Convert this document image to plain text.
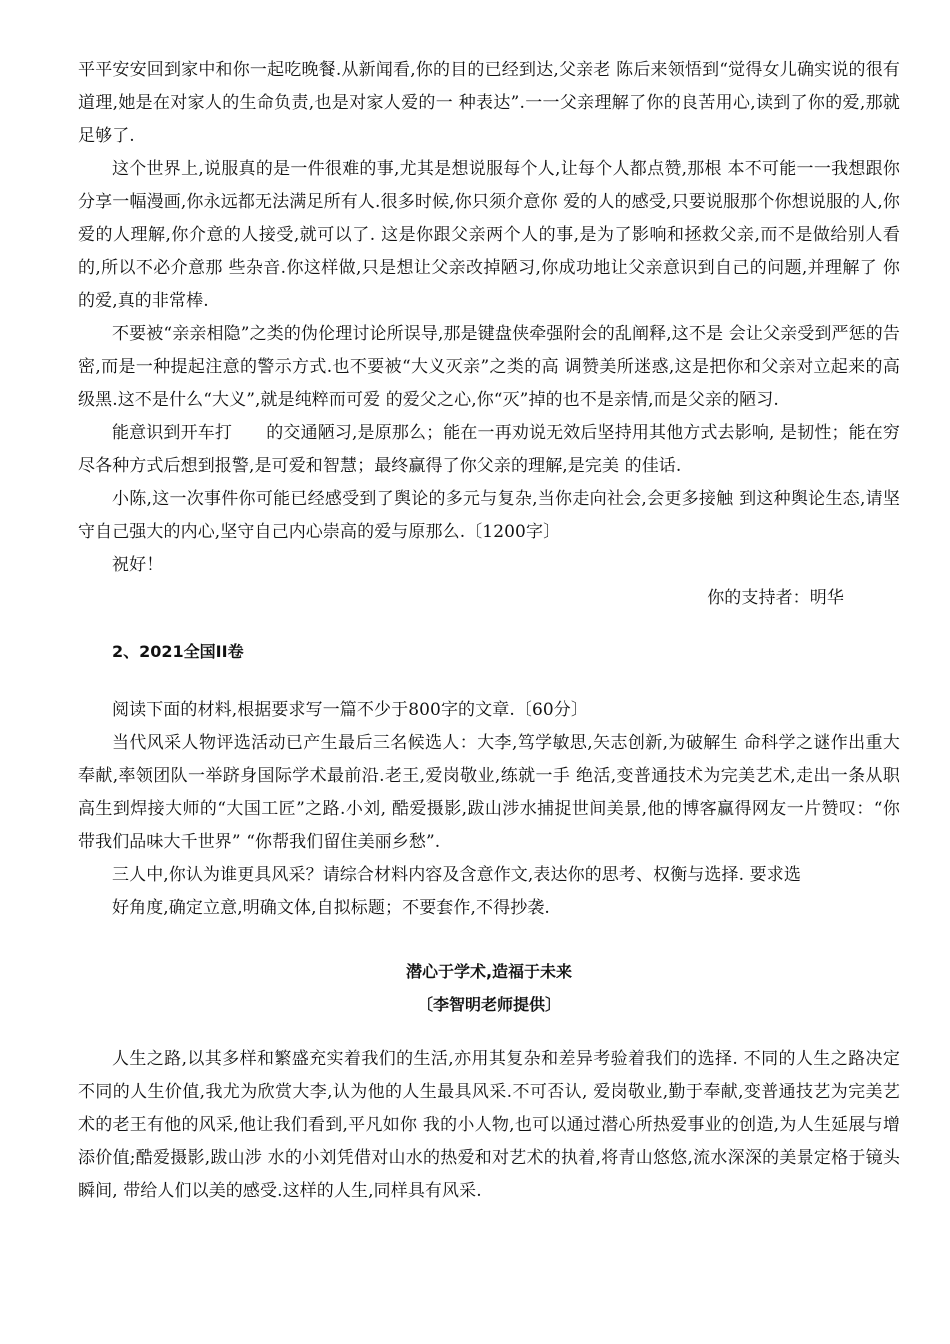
平平安安回到家中和你一起吃晚餐.从新闻看,你的目的已经到达,父亲老 陈后来领悟到“觉得女儿确实说的很有道理,她是在对家人的生命负责,也是对家人爱的一 种表达”.一一父亲理解了你的良苦用心,读到了你的爱,那就足够了.

这个世界上,说服真的是一件很难的事,尤其是想说服每个人,让每个人都点赞,那根 本不可能一一我想跟你分享一幅漫画,你永远都无法满足所有人.很多时候,你只须介意你 爱的人的感受,只要说服那个你想说服的人,你爱的人理解,你介意的人接受,就可以了. 这是你跟父亲两个人的事,是为了影响和拯救父亲,而不是做给别人看的,所以不必介意那 些杂音.你这样做,只是想让父亲改掉陋习,你成功地让父亲意识到自己的问题,并理解了 你的爱,真的非常棒.

不要被“亲亲相隐”之类的伪伦理讨论所误导,那是键盘侠牵强附会的乱阐释,这不是 会让父亲受到严惩的告密,而是一种提起注意的警示方式.也不要被“大义灭亲”之类的高 调赞美所迷惑,这是把你和父亲对立起来的高级黑.这不是什么“大义”,就是纯粹而可爱 的爱父之心,你“灭”掉的也不是亲情,而是父亲的陋习.

能意识到开车打　　的交通陋习,是原那么；能在一再劝说无效后坚持用其他方式去影响, 是韧性；能在穷尽各种方式后想到报警,是可爱和智慧；最终赢得了你父亲的理解,是完美 的佳话.

小陈,这一次事件你可能已经感受到了舆论的多元与复杂,当你走向社会,会更多接触 到这种舆论生态,请坚守自己强大的内心,坚守自己内心崇高的爱与原那么.〔1200字〕

祝好！

你的支持者：明华

2、2021全国II卷

阅读下面的材料,根据要求写一篇不少于800字的文章.〔60分〕

当代风采人物评选活动已产生最后三名候选人：大李,笃学敏思,矢志创新,为破解生 命科学之谜作出重大奉献,率领团队一举跻身国际学术最前沿.老王,爱岗敬业,练就一手 绝活,变普通技术为完美艺术,走出一条从职高生到焊接大师的“大国工匠”之路.小刘, 酷爱摄影,跋山涉水捕捉世间美景,他的博客赢得网友一片赞叹：“你带我们品味大千世界” “你帮我们留住美丽乡愁”.

三人中,你认为谁更具风采？请综合材料内容及含意作文,表达你的思考、权衡与选择. 要求选

好角度,确定立意,明确文体,自拟标题；不要套作,不得抄袭.

潜心于学术,造福于未来
〔李智明老师提供〕

人生之路,以其多样和繁盛充实着我们的生活,亦用其复杂和差异考验着我们的选择. 不同的人生之路决定不同的人生价值,我尤为欣赏大李,认为他的人生最具风采.不可否认, 爱岗敬业,勤于奉献,变普通技艺为完美艺术的老王有他的风采,他让我们看到,平凡如你 我的小人物,也可以通过潜心所热爱事业的创造,为人生延展与增添价值;酷爱摄影,跋山涉 水的小刘凭借对山水的热爱和对艺术的执着,将青山悠悠,流水深深的美景定格于镜头瞬间, 带给人们以美的感受.这样的人生,同样具有风采.
